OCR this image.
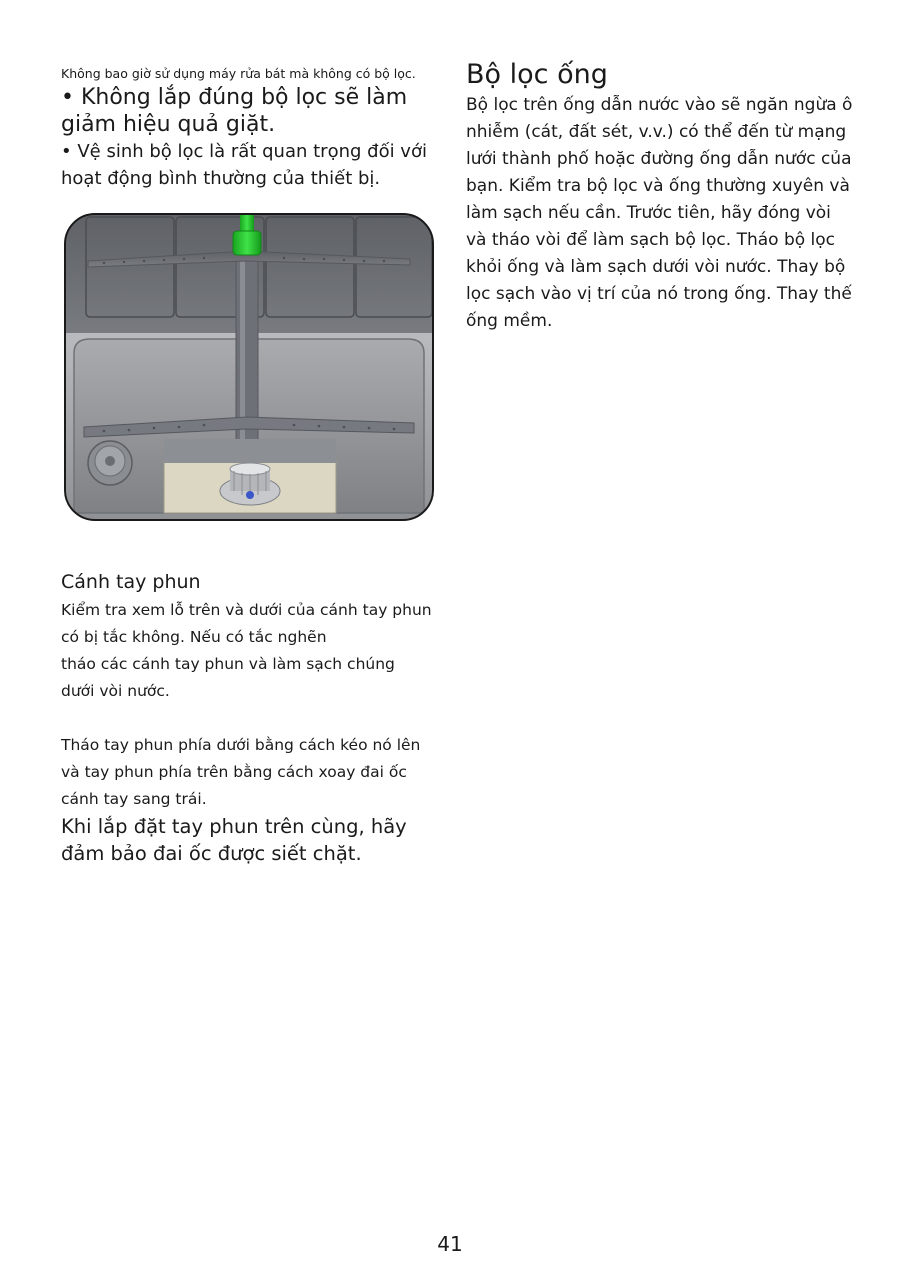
Không bao giờ sử dụng máy rửa bát mà không có bộ lọc.

• Không lắp đúng bộ lọc sẽ làm giảm hiệu quả giặt.

• Vệ sinh bộ lọc là rất quan trọng đối với hoạt động bình thường của thiết bị.

Cánh tay phun

Kiểm tra xem lỗ trên và dưới của cánh tay phun

có bị tắc không. Nếu có tắc nghẽn

tháo các cánh tay phun và làm sạch chúng

dưới vòi nước.

Tháo tay phun phía dưới bằng cách kéo nó lên

và tay phun phía trên bằng cách xoay đai ốc

cánh tay sang trái.

Khi lắp đặt tay phun trên cùng, hãy đảm bảo đai ốc được siết chặt.

Bộ lọc ống

Bộ lọc trên ống dẫn nước vào sẽ ngăn ngừa ô nhiễm (cát, đất sét, v.v.) có thể đến từ mạng lưới thành phố hoặc đường ống dẫn nước của bạn. Kiểm tra bộ lọc và ống thường xuyên và làm sạch nếu cần. Trước tiên, hãy đóng vòi và tháo vòi để làm sạch bộ lọc. Tháo bộ lọc khỏi ống và làm sạch dưới vòi nước. Thay bộ lọc sạch vào vị trí của nó trong ống. Thay thế ống mềm.

41
